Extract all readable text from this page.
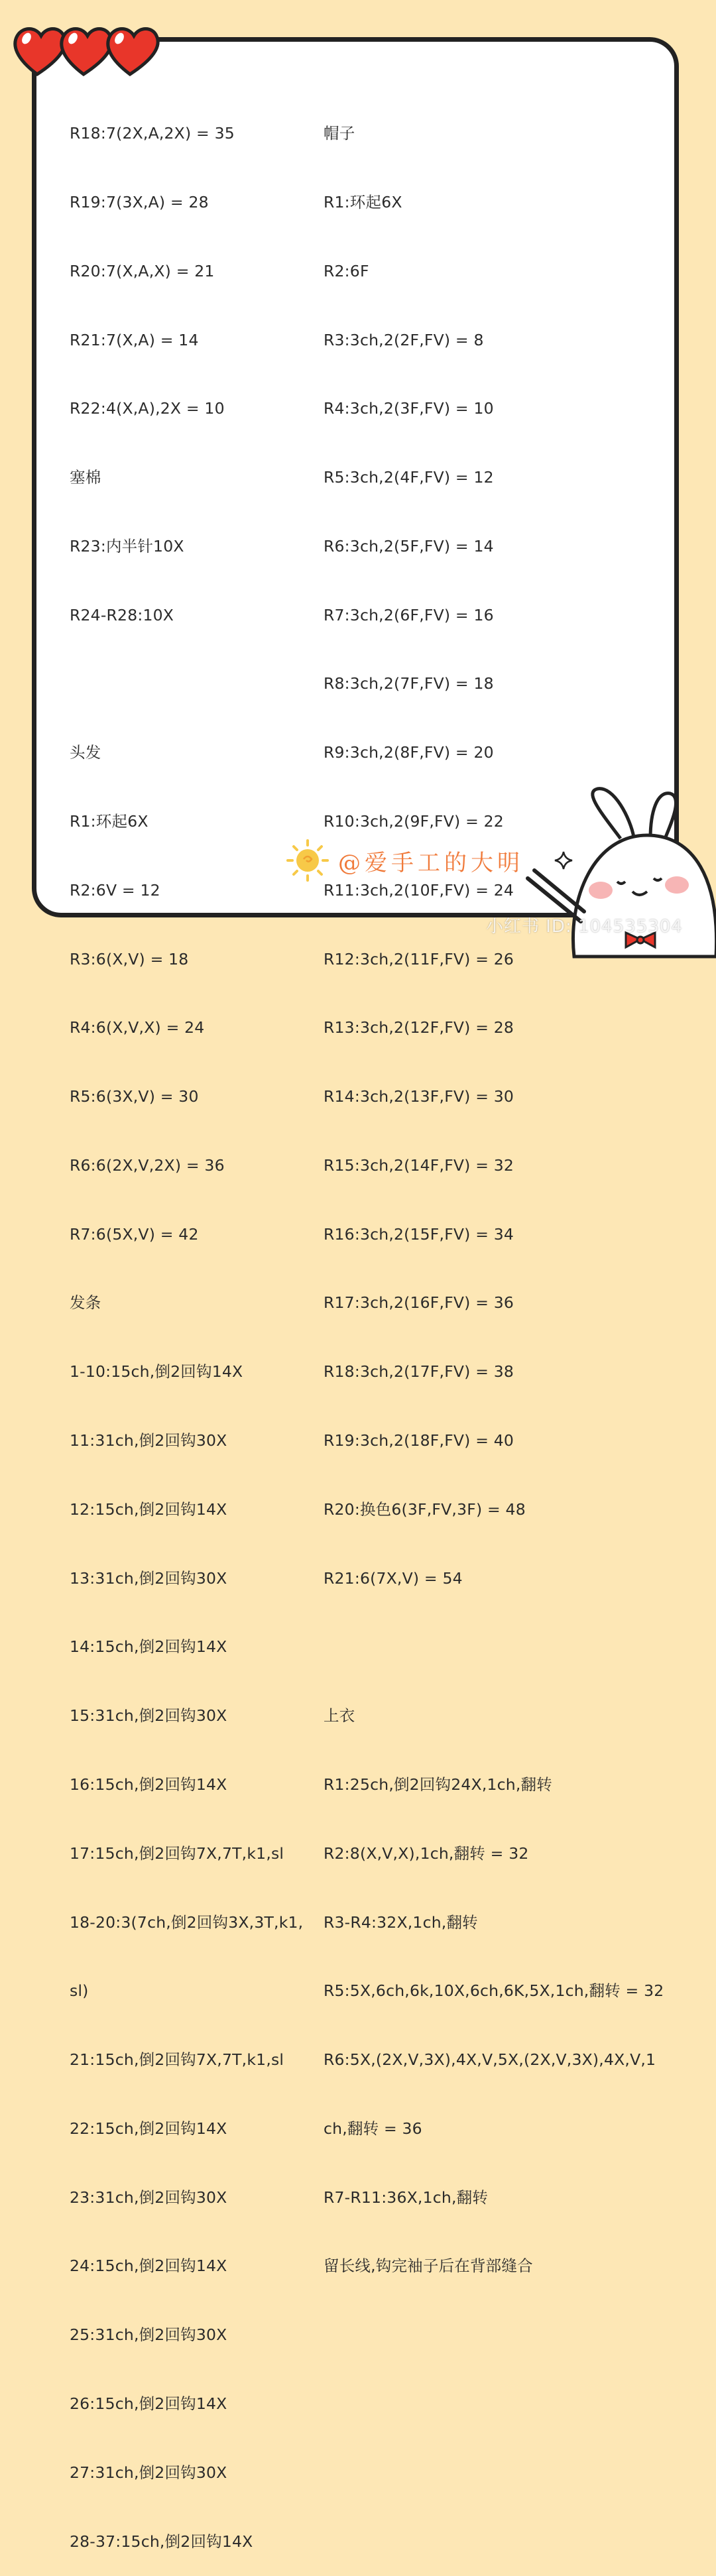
R18:7(2X,A,2X) = 35

R19:7(3X,A) = 28

R20:7(X,A,X) = 21

R21:7(X,A) = 14

R22:4(X,A),2X = 10

塞棉

R23:内半针10X

R24-R28:10X

头发

R1:环起6X

R2:6V = 12

R3:6(X,V) = 18

R4:6(X,V,X) = 24

R5:6(3X,V) = 30

R6:6(2X,V,2X) = 36

R7:6(5X,V) = 42

发条

1-10:15ch,倒2回钩14X

11:31ch,倒2回钩30X

12:15ch,倒2回钩14X

13:31ch,倒2回钩30X

14:15ch,倒2回钩14X

15:31ch,倒2回钩30X

16:15ch,倒2回钩14X

17:15ch,倒2回钩7X,7T,k1,sl

18-20:3(7ch,倒2回钩3X,3T,k1,

sl)

21:15ch,倒2回钩7X,7T,k1,sl

22:15ch,倒2回钩14X

23:31ch,倒2回钩30X

24:15ch,倒2回钩14X

25:31ch,倒2回钩30X

26:15ch,倒2回钩14X

27:31ch,倒2回钩30X

28-37:15ch,倒2回钩14X

帽子

R1:环起6X

R2:6F

R3:3ch,2(2F,FV) = 8

R4:3ch,2(3F,FV) = 10

R5:3ch,2(4F,FV) = 12

R6:3ch,2(5F,FV) = 14

R7:3ch,2(6F,FV) = 16

R8:3ch,2(7F,FV) = 18

R9:3ch,2(8F,FV) = 20

R10:3ch,2(9F,FV) = 22

R11:3ch,2(10F,FV) = 24

R12:3ch,2(11F,FV) = 26

R13:3ch,2(12F,FV) = 28

R14:3ch,2(13F,FV) = 30

R15:3ch,2(14F,FV) = 32

R16:3ch,2(15F,FV) = 34

R17:3ch,2(16F,FV) = 36

R18:3ch,2(17F,FV) = 38

R19:3ch,2(18F,FV) = 40

R20:换色6(3F,FV,3F) = 48

R21:6(7X,V) = 54

上衣

R1:25ch,倒2回钩24X,1ch,翻转

R2:8(X,V,X),1ch,翻转 = 32

R3-R4:32X,1ch,翻转

R5:5X,6ch,6k,10X,6ch,6K,5X,1ch,翻转 = 32

R6:5X,(2X,V,3X),4X,V,5X,(2X,V,3X),4X,V,1

ch,翻转 = 36

R7-R11:36X,1ch,翻转

留长线,钩完袖子后在背部缝合

@爱手工的大明
小红书 ID: 104535304
